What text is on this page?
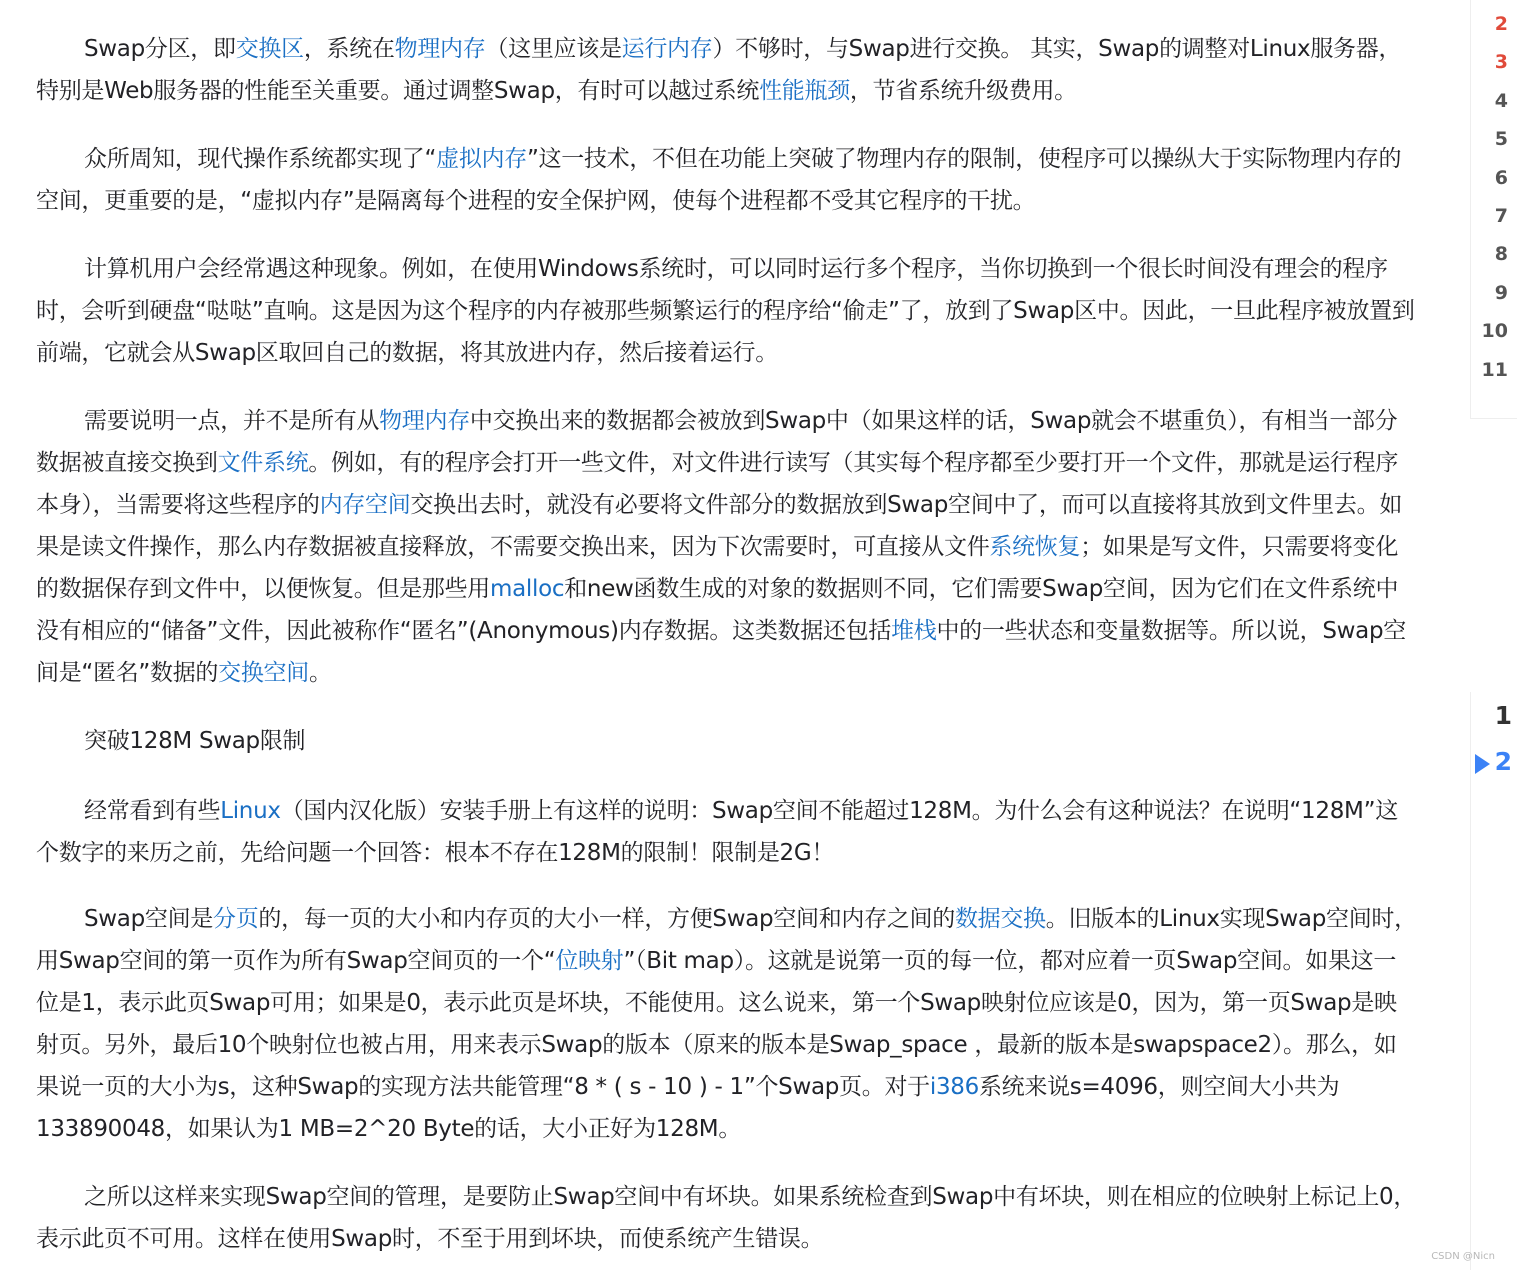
Swap分区，即交换区，系统在物理内存（这里应该是运行内存）不够时，与Swap进行交换。 其实，Swap的调整对Linux服务器，特别是Web服务器的性能至关重要。通过调整Swap，有时可以越过系统性能瓶颈，节省系统升级费用。

众所周知，现代操作系统都实现了“虚拟内存”这一技术，不但在功能上突破了物理内存的限制，使程序可以操纵大于实际物理内存的空间，更重要的是，“虚拟内存”是隔离每个进程的安全保护网，使每个进程都不受其它程序的干扰。

计算机用户会经常遇这种现象。例如，在使用Windows系统时，可以同时运行多个程序，当你切换到一个很长时间没有理会的程序时，会听到硬盘“哒哒”直响。这是因为这个程序的内存被那些频繁运行的程序给“偷走”了，放到了Swap区中。因此，一旦此程序被放置到前端，它就会从Swap区取回自己的数据，将其放进内存，然后接着运行。

需要说明一点，并不是所有从物理内存中交换出来的数据都会被放到Swap中（如果这样的话，Swap就会不堪重负），有相当一部分数据被直接交换到文件系统。例如，有的程序会打开一些文件，对文件进行读写（其实每个程序都至少要打开一个文件，那就是运行程序本身），当需要将这些程序的内存空间交换出去时，就没有必要将文件部分的数据放到Swap空间中了，而可以直接将其放到文件里去。如果是读文件操作，那么内存数据被直接释放，不需要交换出来，因为下次需要时，可直接从文件系统恢复；如果是写文件，只需要将变化的数据保存到文件中，以便恢复。但是那些用malloc和new函数生成的对象的数据则不同，它们需要Swap空间，因为它们在文件系统中没有相应的“储备”文件，因此被称作“匿名”(Anonymous)内存数据。这类数据还包括堆栈中的一些状态和变量数据等。所以说，Swap空间是“匿名”数据的交换空间。

突破128M Swap限制

经常看到有些Linux（国内汉化版）安装手册上有这样的说明：Swap空间不能超过128M。为什么会有这种说法？在说明“128M”这个数字的来历之前，先给问题一个回答：根本不存在128M的限制！限制是2G！

Swap空间是分页的，每一页的大小和内存页的大小一样，方便Swap空间和内存之间的数据交换。旧版本的Linux实现Swap空间时，用Swap空间的第一页作为所有Swap空间页的一个“位映射”（Bit map）。这就是说第一页的每一位，都对应着一页Swap空间。如果这一位是1，表示此页Swap可用；如果是0，表示此页是坏块，不能使用。这么说来，第一个Swap映射位应该是0，因为，第一页Swap是映射页。另外，最后10个映射位也被占用，用来表示Swap的版本（原来的版本是Swap_space ，最新的版本是swapspace2）。那么，如果说一页的大小为s，这种Swap的实现方法共能管理“8 * ( s - 10 ) - 1”个Swap页。对于i386系统来说s=4096，则空间大小共为133890048，如果认为1 MB=2^20 Byte的话，大小正好为128M。

之所以这样来实现Swap空间的管理，是要防止Swap空间中有坏块。如果系统检查到Swap中有坏块，则在相应的位映射上标记上0，表示此页不可用。这样在使用Swap时，不至于用到坏块，而使系统产生错误。

2
3
4
5
6
7
8
9
10
11
1
2
CSDN @Nicn
